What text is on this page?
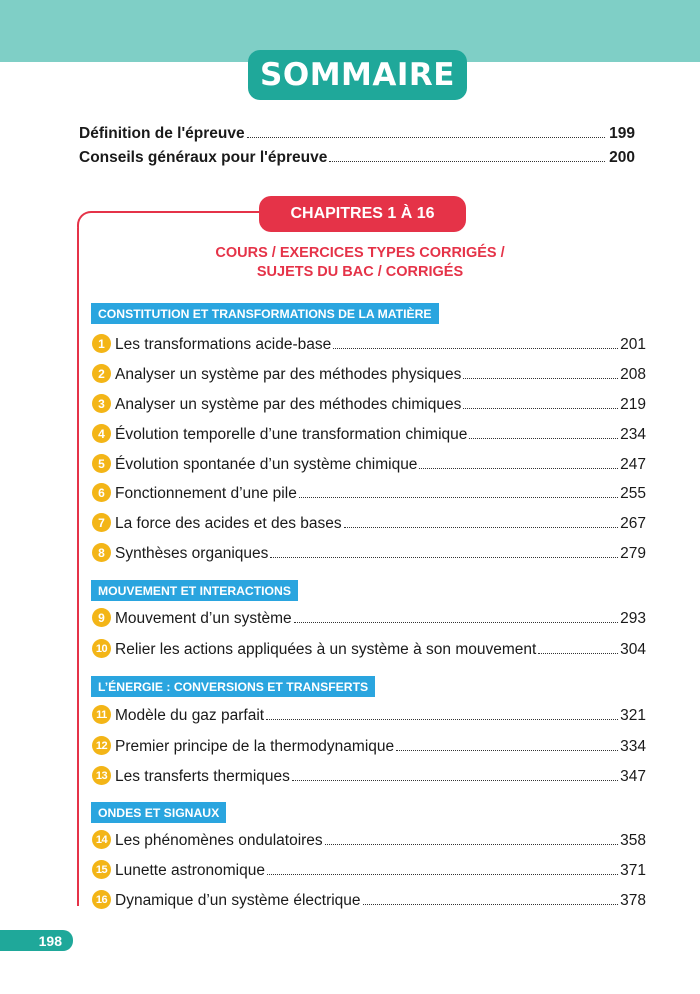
SOMMAIRE
Définition de l'épreuve	199
Conseils généraux pour l'épreuve	200
CHAPITRES 1 À 16
COURS / EXERCICES TYPES CORRIGÉS /
SUJETS DU BAC / CORRIGÉS
CONSTITUTION ET TRANSFORMATIONS DE LA MATIÈRE
1 Les transformations acide-base	201
2 Analyser un système par des méthodes physiques	208
3 Analyser un système par des méthodes chimiques	219
4 Évolution temporelle d’une transformation chimique	234
5 Évolution spontanée d’un système chimique	247
6 Fonctionnement d’une pile	255
7 La force des acides et des bases	267
8 Synthèses organiques	279
MOUVEMENT ET INTERACTIONS
9 Mouvement d’un système	293
10 Relier les actions appliquées à un système à son mouvement	304
L’ÉNERGIE : CONVERSIONS ET TRANSFERTS
11 Modèle du gaz parfait	321
12 Premier principe de la thermodynamique	334
13 Les transferts thermiques	347
ONDES ET SIGNAUX
14 Les phénomènes ondulatoires	358
15 Lunette astronomique	371
16 Dynamique d’un système électrique	378
198
